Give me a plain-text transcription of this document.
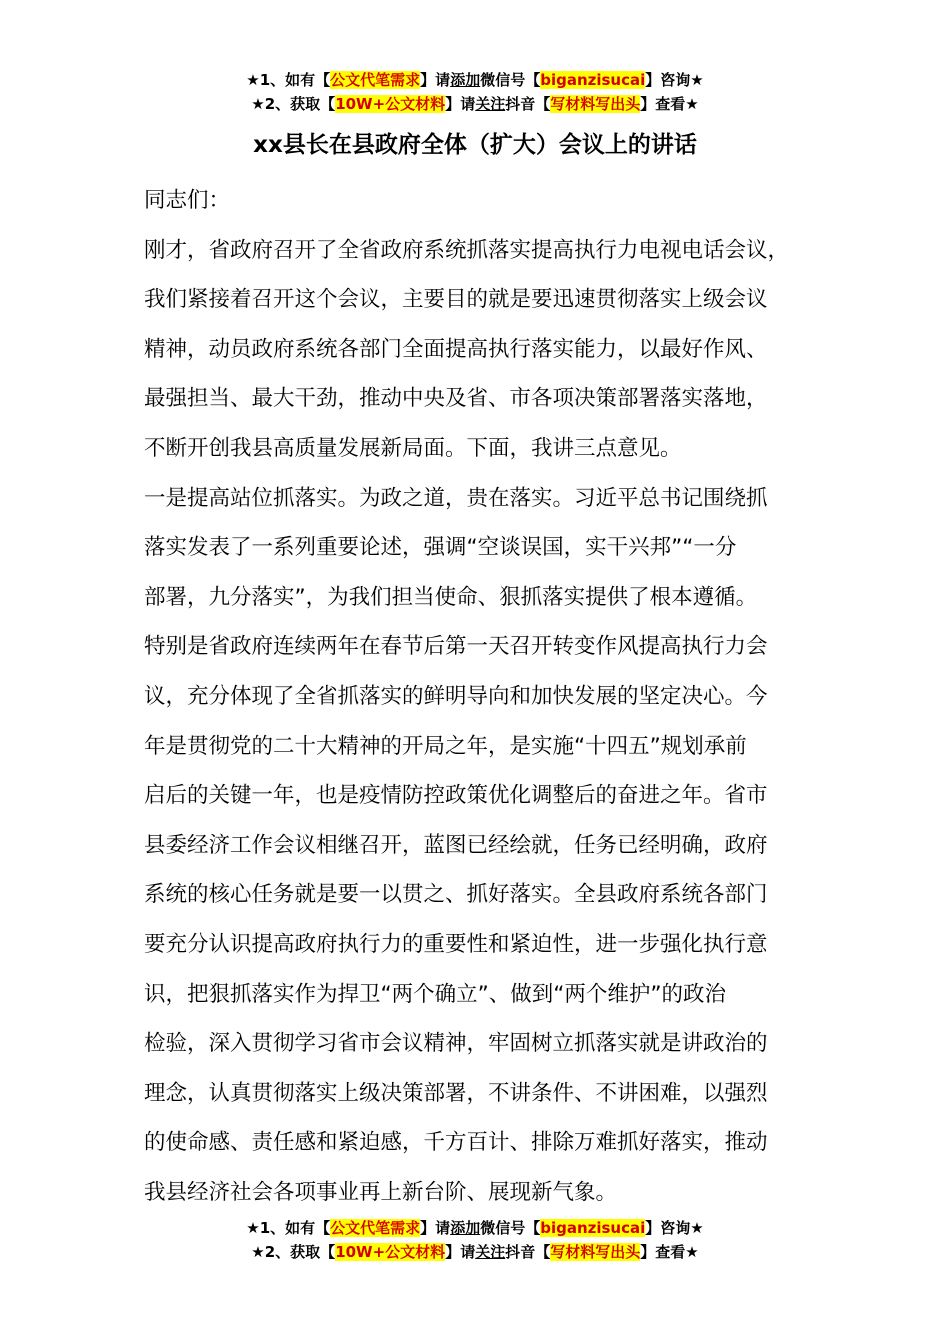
★1、如有【公文代笔需求】请添加微信号【biganzisucai】咨询★
★2、获取【10W+公文材料】请关注抖音【写材料写出头】查看★
xx县长在县政府全体（扩大）会议上的讲话

同志们：

刚才，省政府召开了全省政府系统抓落实提高执行力电视电话会议，

我们紧接着召开这个会议，主要目的就是要迅速贯彻落实上级会议

精神，动员政府系统各部门全面提高执行落实能力，以最好作风、

最强担当、最大干劲，推动中央及省、市各项决策部署落实落地，

不断开创我县高质量发展新局面。下面，我讲三点意见。

一是提高站位抓落实。为政之道，贵在落实。习近平总书记围绕抓

落实发表了一系列重要论述，强调“空谈误国，实干兴邦”“一分

部署，九分落实”，为我们担当使命、狠抓落实提供了根本遵循。

特别是省政府连续两年在春节后第一天召开转变作风提高执行力会

议，充分体现了全省抓落实的鲜明导向和加快发展的坚定决心。今

年是贯彻党的二十大精神的开局之年，是实施“十四五”规划承前

启后的关键一年，也是疫情防控政策优化调整后的奋进之年。省市

县委经济工作会议相继召开，蓝图已经绘就，任务已经明确，政府

系统的核心任务就是要一以贯之、抓好落实。全县政府系统各部门

要充分认识提高政府执行力的重要性和紧迫性，进一步强化执行意

识，把狠抓落实作为捍卫“两个确立”、做到“两个维护”的政治

检验，深入贯彻学习省市会议精神，牢固树立抓落实就是讲政治的

理念，认真贯彻落实上级决策部署，不讲条件、不讲困难，以强烈

的使命感、责任感和紧迫感，千方百计、排除万难抓好落实，推动

我县经济社会各项事业再上新台阶、展现新气象。

★1、如有【公文代笔需求】请添加微信号【biganzisucai】咨询★
★2、获取【10W+公文材料】请关注抖音【写材料写出头】查看★
